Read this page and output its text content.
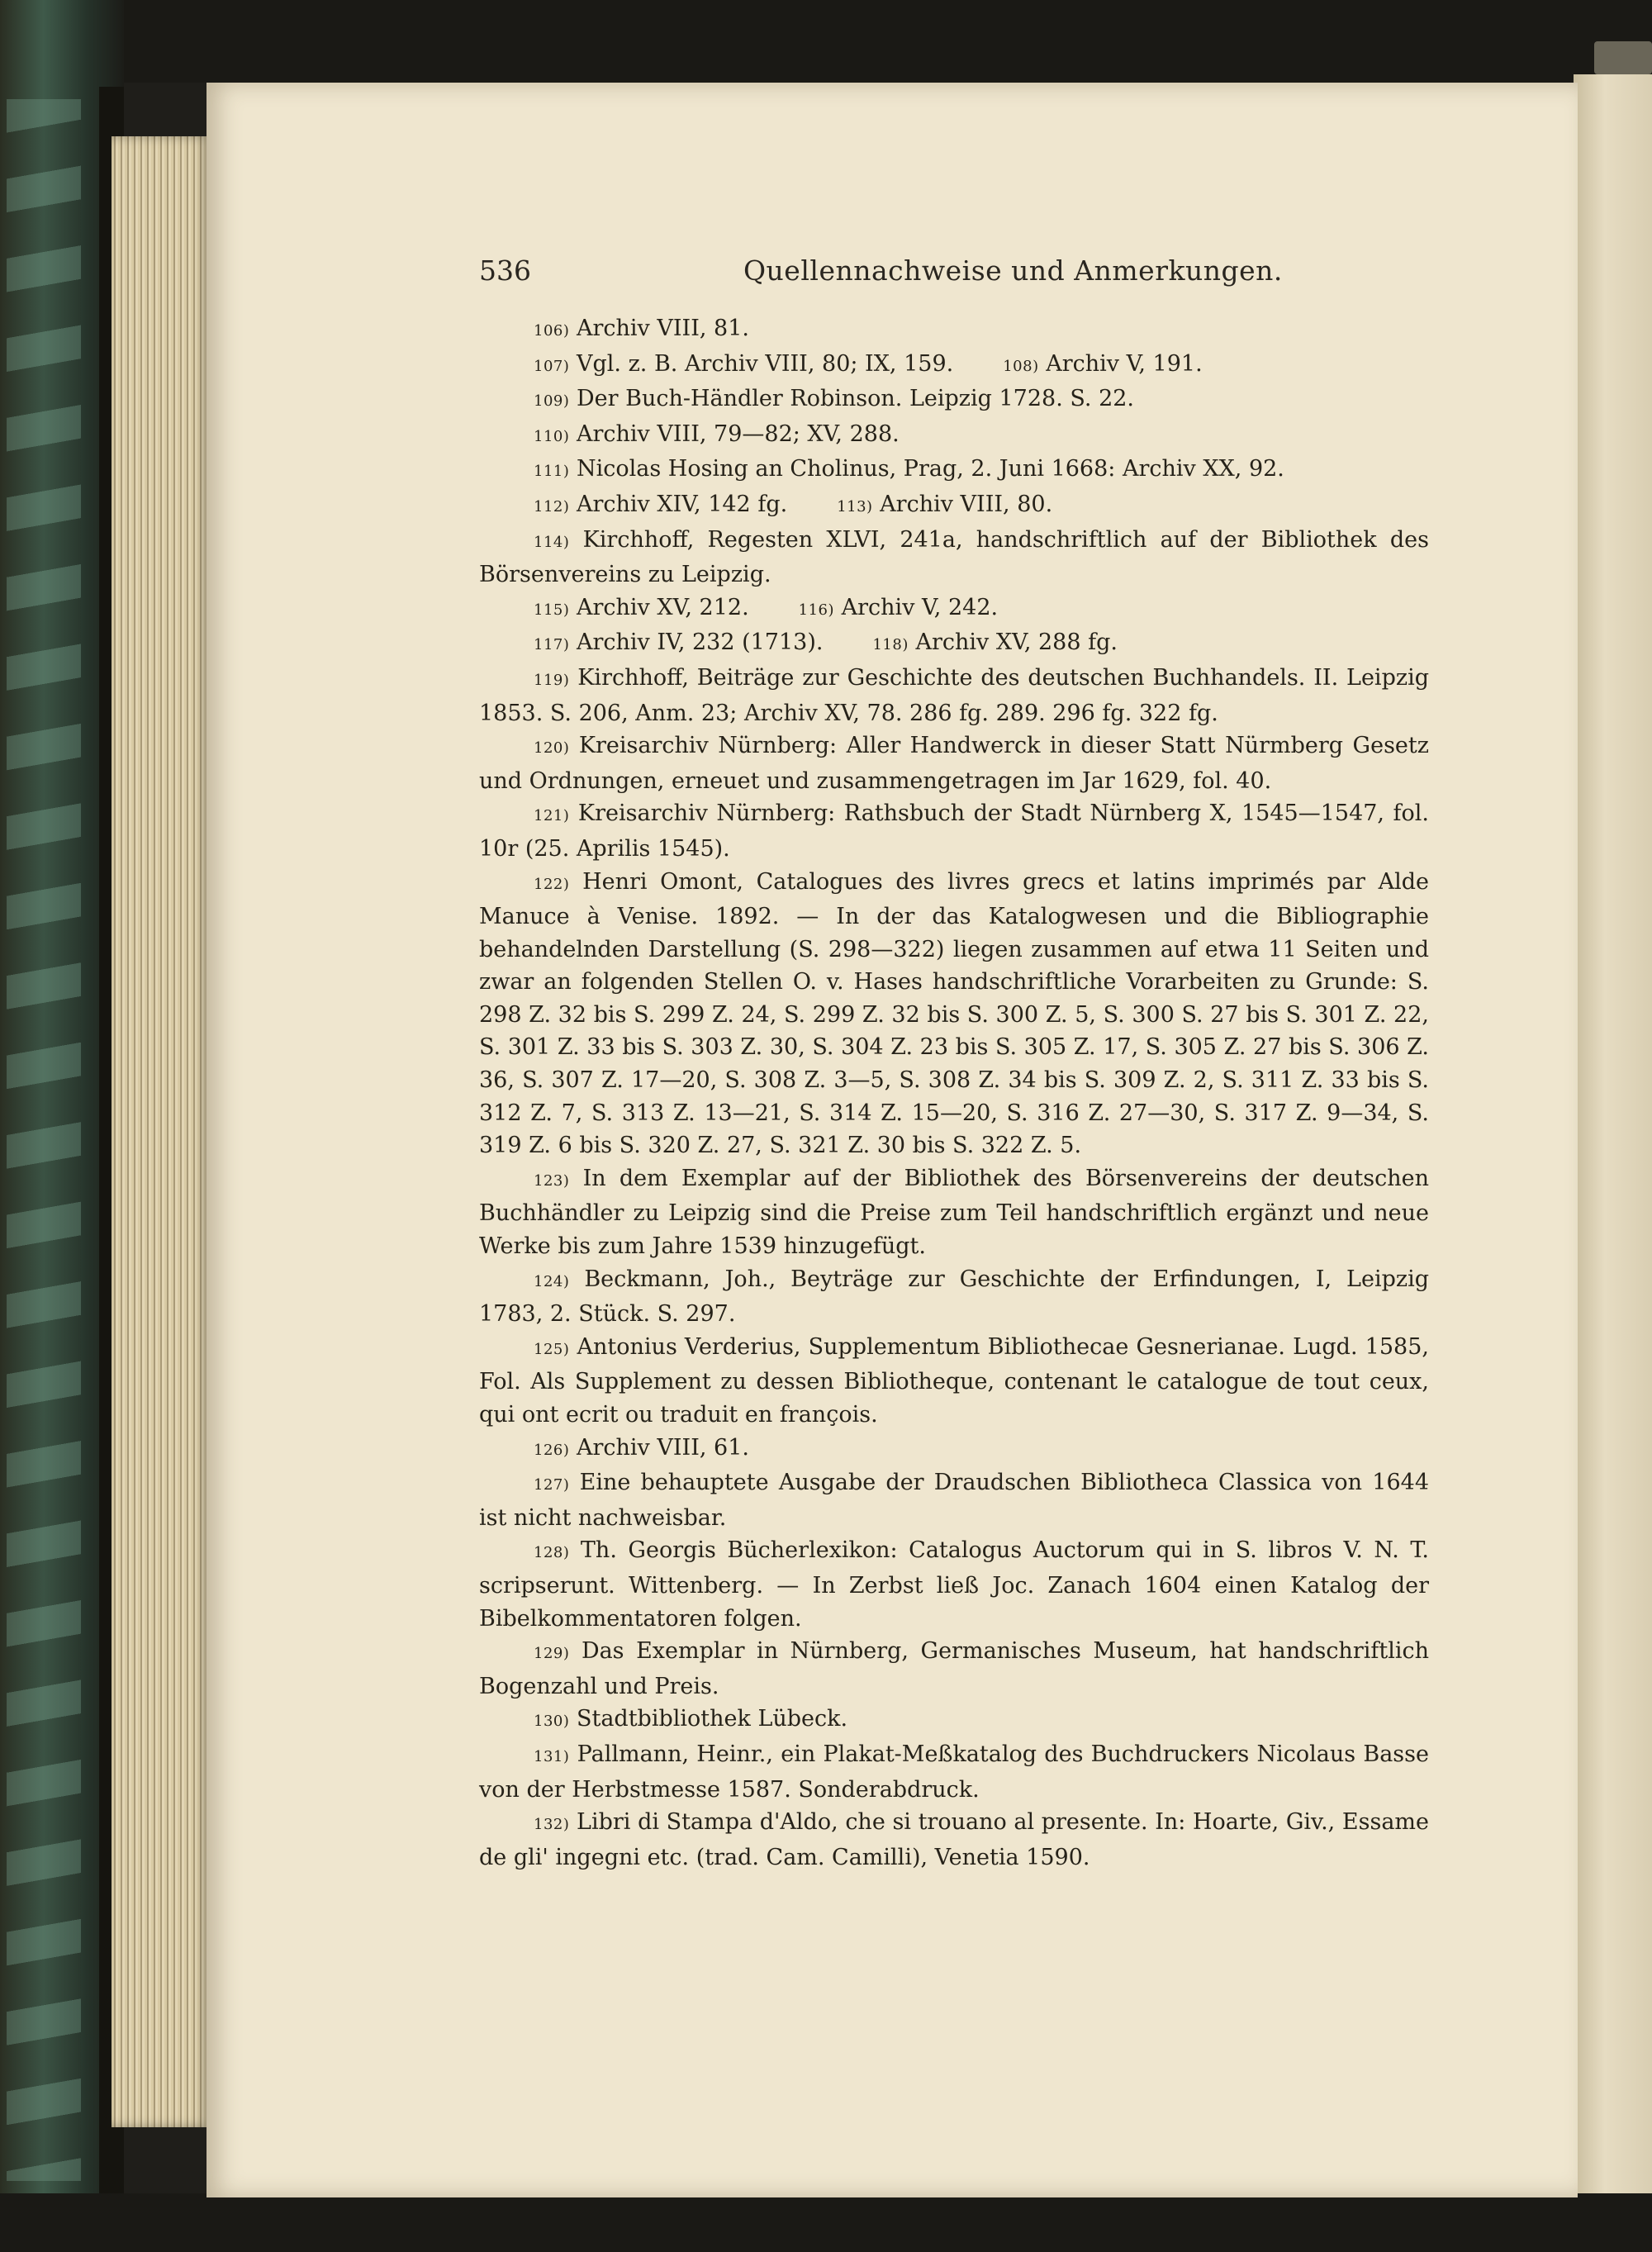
536	Quellennachweise und Anmerkungen.

106) Archiv VIII, 81.

107) Vgl. z. B. Archiv VIII, 80; IX, 159.	108) Archiv V, 191.

109) Der Buch-Händler Robinson. Leipzig 1728. S. 22.

110) Archiv VIII, 79—82; XV, 288.

111) Nicolas Hosing an Cholinus, Prag, 2. Juni 1668: Archiv XX, 92.

112) Archiv XIV, 142 fg.	113) Archiv VIII, 80.

114) Kirchhoff, Regesten XLVI, 241a, handschriftlich auf der Bibliothek des Börsenvereins zu Leipzig.

115) Archiv XV, 212.	116) Archiv V, 242.

117) Archiv IV, 232 (1713).	118) Archiv XV, 288 fg.

119) Kirchhoff, Beiträge zur Geschichte des deutschen Buchhandels. II. Leipzig 1853. S. 206, Anm. 23; Archiv XV, 78. 286 fg. 289. 296 fg. 322 fg.

120) Kreisarchiv Nürnberg: Aller Handwerck in dieser Statt Nürmberg Gesetz und Ordnungen, erneuet und zusammengetragen im Jar 1629, fol. 40.

121) Kreisarchiv Nürnberg: Rathsbuch der Stadt Nürnberg X, 1545—1547, fol. 10r (25. Aprilis 1545).

122) Henri Omont, Catalogues des livres grecs et latins imprimés par Alde Manuce à Venise. 1892. — In der das Katalogwesen und die Bibliographie behandelnden Darstellung (S. 298—322) liegen zusammen auf etwa 11 Seiten und zwar an folgenden Stellen O. v. Hases handschriftliche Vorarbeiten zu Grunde: S. 298 Z. 32 bis S. 299 Z. 24, S. 299 Z. 32 bis S. 300 Z. 5, S. 300 S. 27 bis S. 301 Z. 22, S. 301 Z. 33 bis S. 303 Z. 30, S. 304 Z. 23 bis S. 305 Z. 17, S. 305 Z. 27 bis S. 306 Z. 36, S. 307 Z. 17—20, S. 308 Z. 3—5, S. 308 Z. 34 bis S. 309 Z. 2, S. 311 Z. 33 bis S. 312 Z. 7, S. 313 Z. 13—21, S. 314 Z. 15—20, S. 316 Z. 27—30, S. 317 Z. 9—34, S. 319 Z. 6 bis S. 320 Z. 27, S. 321 Z. 30 bis S. 322 Z. 5.

123) In dem Exemplar auf der Bibliothek des Börsenvereins der deutschen Buchhändler zu Leipzig sind die Preise zum Teil handschriftlich ergänzt und neue Werke bis zum Jahre 1539 hinzugefügt.

124) Beckmann, Joh., Beyträge zur Geschichte der Erfindungen, I, Leipzig 1783, 2. Stück. S. 297.

125) Antonius Verderius, Supplementum Bibliothecae Gesnerianae. Lugd. 1585, Fol. Als Supplement zu dessen Bibliotheque, contenant le catalogue de tout ceux, qui ont ecrit ou traduit en françois.

126) Archiv VIII, 61.

127) Eine behauptete Ausgabe der Draudschen Bibliotheca Classica von 1644 ist nicht nachweisbar.

128) Th. Georgis Bücherlexikon: Catalogus Auctorum qui in S. libros V. N. T. scripserunt. Wittenberg. — In Zerbst ließ Joc. Zanach 1604 einen Katalog der Bibelkommentatoren folgen.

129) Das Exemplar in Nürnberg, Germanisches Museum, hat handschriftlich Bogenzahl und Preis.

130) Stadtbibliothek Lübeck.

131) Pallmann, Heinr., ein Plakat-Meßkatalog des Buchdruckers Nicolaus Basse von der Herbstmesse 1587. Sonderabdruck.

132) Libri di Stampa d'Aldo, che si trouano al presente. In: Hoarte, Giv., Essame de gli' ingegni etc. (trad. Cam. Camilli), Venetia 1590.
